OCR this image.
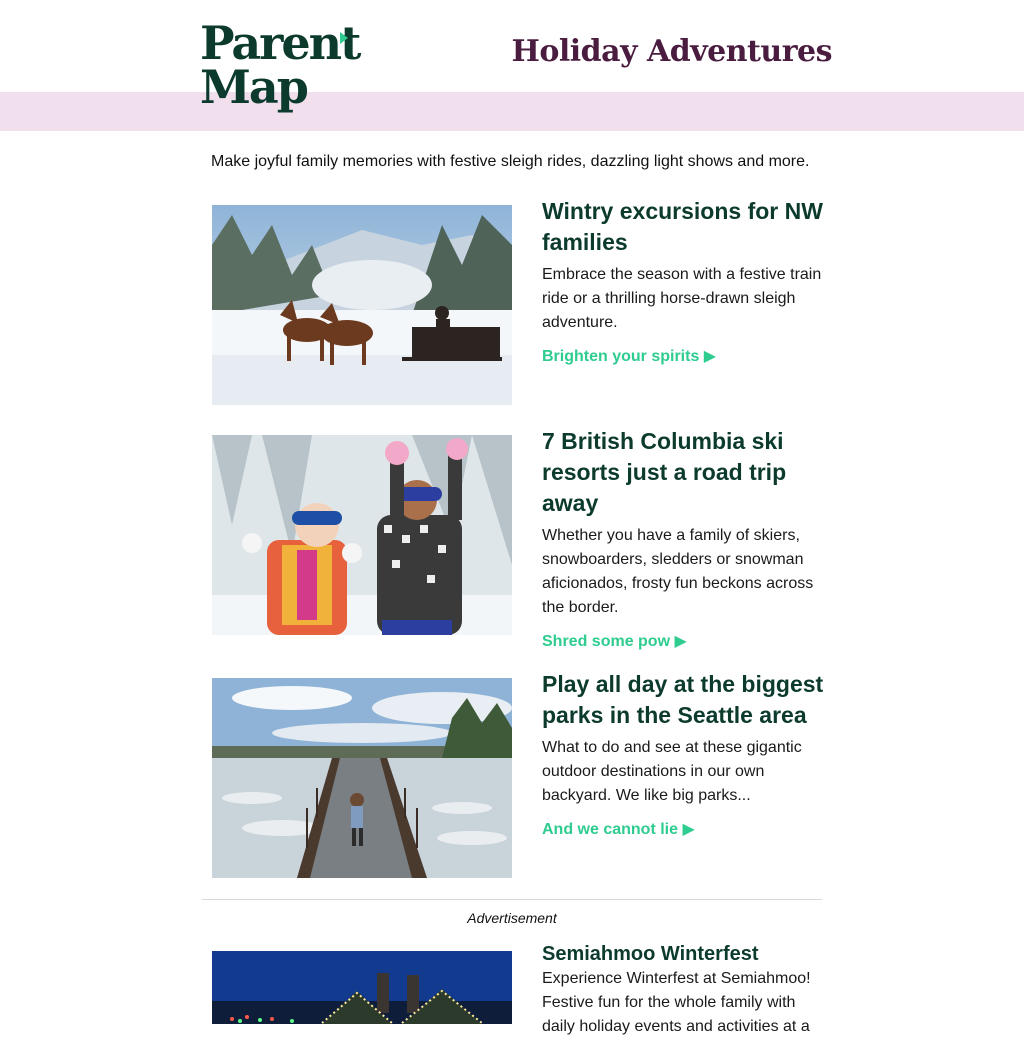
Parent
Map
Holiday Adventures
Make joyful family memories with festive sleigh rides, dazzling light shows and more.
Wintry excursions for NW families

Embrace the season with a festive train ride or a thrilling horse-drawn sleigh adventure.

Brighten your spirits ▶
7 British Columbia ski resorts just a road trip away

Whether you have a family of skiers, snowboarders, sledders or snowman aficionados, frosty fun beckons across the border.

Shred some pow ▶
Play all day at the biggest parks in the Seattle area

What to do and see at these gigantic outdoor destinations in our own backyard. We like big parks...

And we cannot lie ▶
Advertisement
Semiahmoo Winterfest

Experience Winterfest at Semiahmoo! Festive fun for the whole family with daily holiday events and activities at a
